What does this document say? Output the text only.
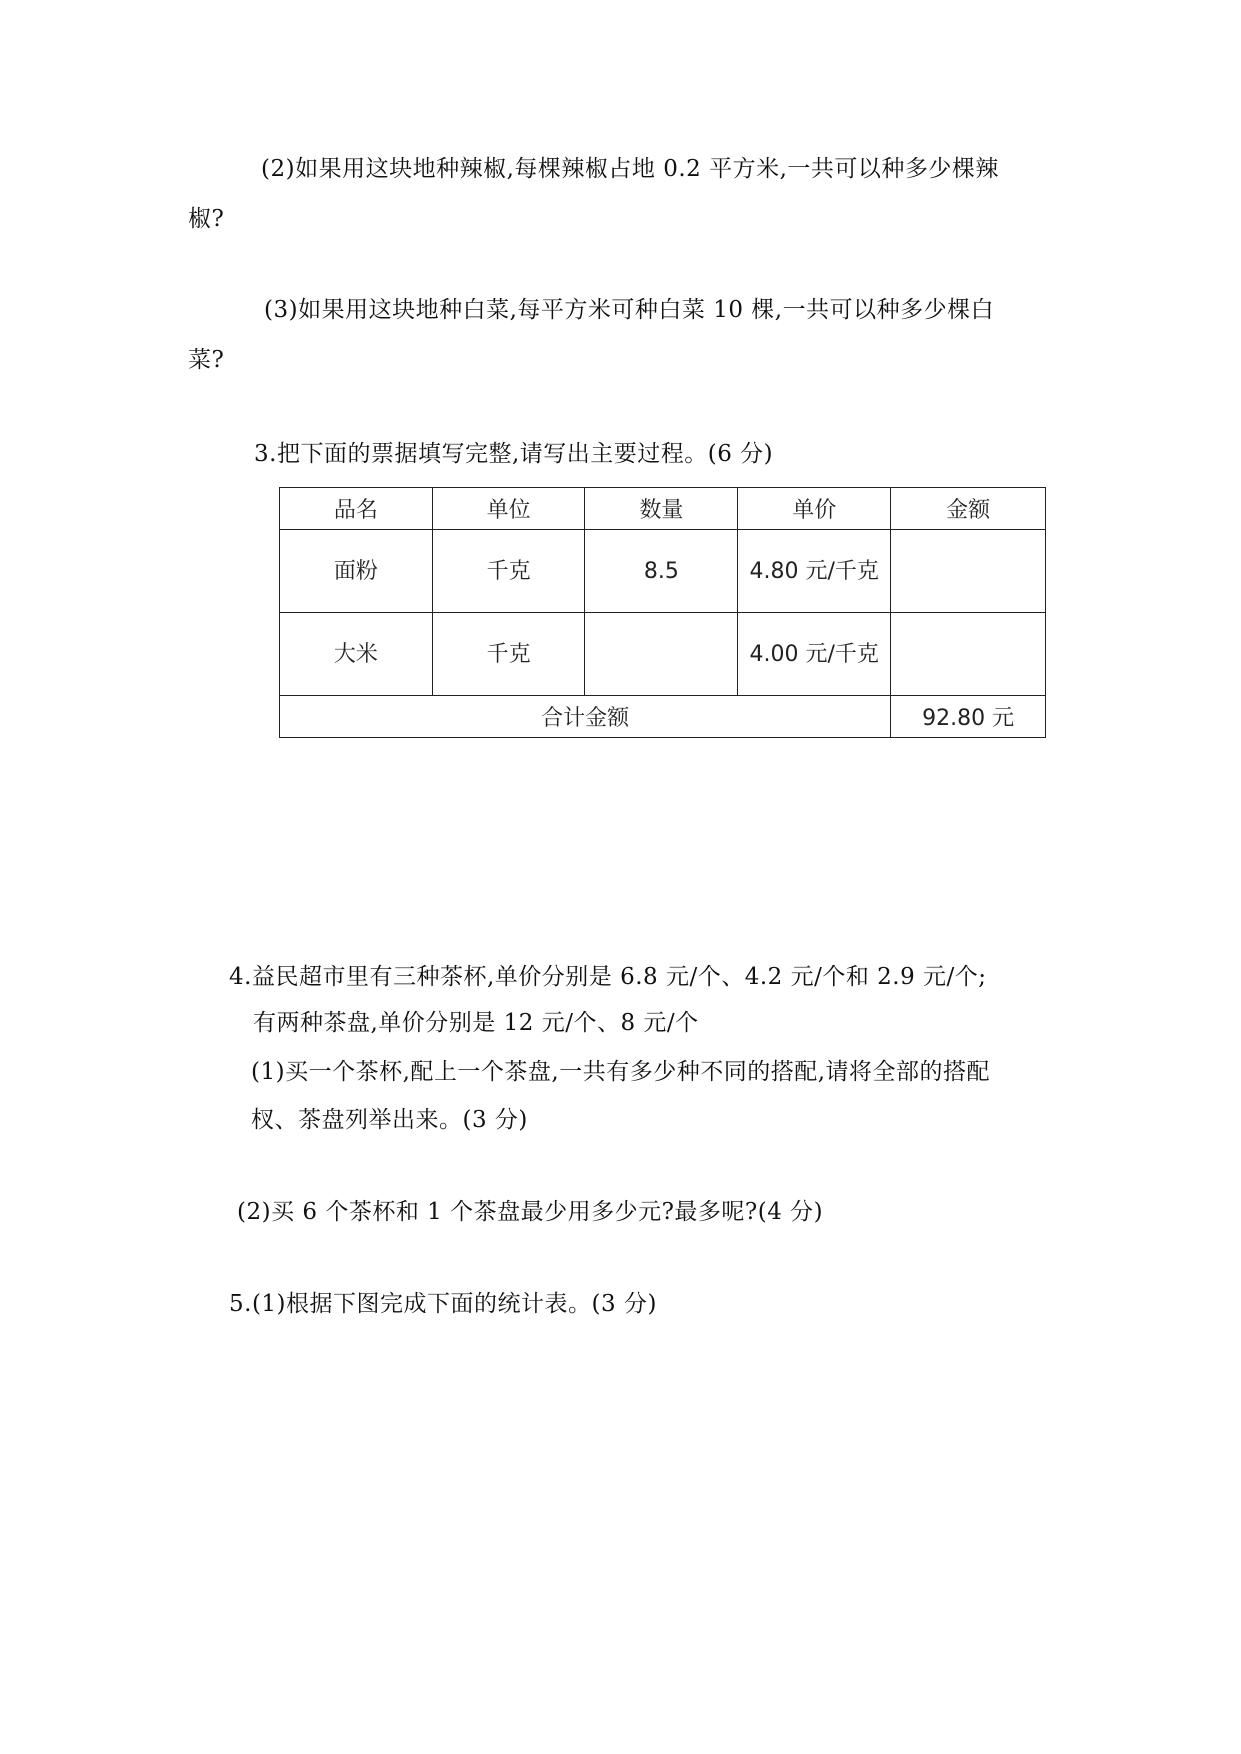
(2)如果用这块地种辣椒,每棵辣椒占地 0.2 平方米,一共可以种多少棵辣
椒?
(3)如果用这块地种白菜,每平方米可种白菜 10 棵,一共可以种多少棵白
菜?
3.把下面的票据填写完整,请写出主要过程。(6 分)
品名	单位	数量	单价	金额
面粉	千克	8.5	4.80 元/千克	
大米	千克		4.00 元/千克	
合计金额				92.80 元
4.益民超市里有三种茶杯,单价分别是 6.8 元/个、4.2 元/个和 2.9 元/个;
有两种茶盘,单价分别是 12 元/个、8 元/个
(1)买一个茶杯,配上一个茶盘,一共有多少种不同的搭配,请将全部的搭配
杈、茶盘列举出来。(3 分)
(2)买 6 个茶杯和 1 个茶盘最少用多少元?最多呢?(4 分)
5.(1)根据下图完成下面的统计表。(3 分)
